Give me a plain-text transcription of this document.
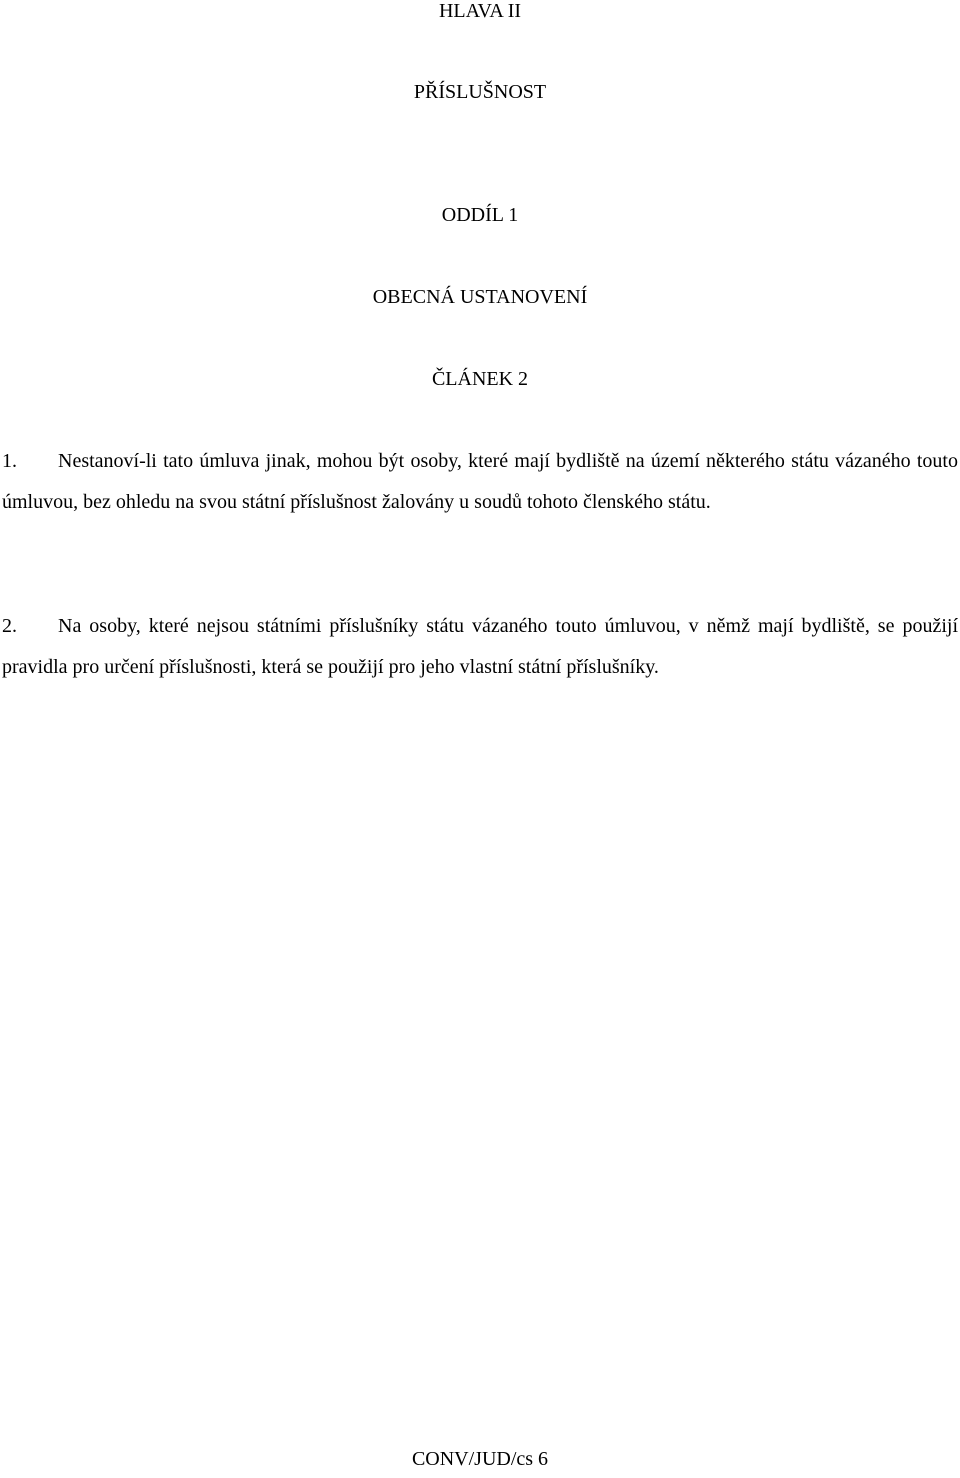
HLAVA II
PŘÍSLUŠNOST
ODDÍL 1
OBECNÁ USTANOVENÍ
ČLÁNEK 2

1. Nestanoví-li tato úmluva jinak, mohou být osoby, které mají bydliště na území některého státu vázaného touto úmluvou, bez ohledu na svou státní příslušnost žalovány u soudů tohoto členského státu.

2. Na osoby, které nejsou státními příslušníky státu vázaného touto úmluvou, v němž mají bydliště, se použijí pravidla pro určení příslušnosti, která se použijí pro jeho vlastní státní příslušníky.

CONV/JUD/cs 6
